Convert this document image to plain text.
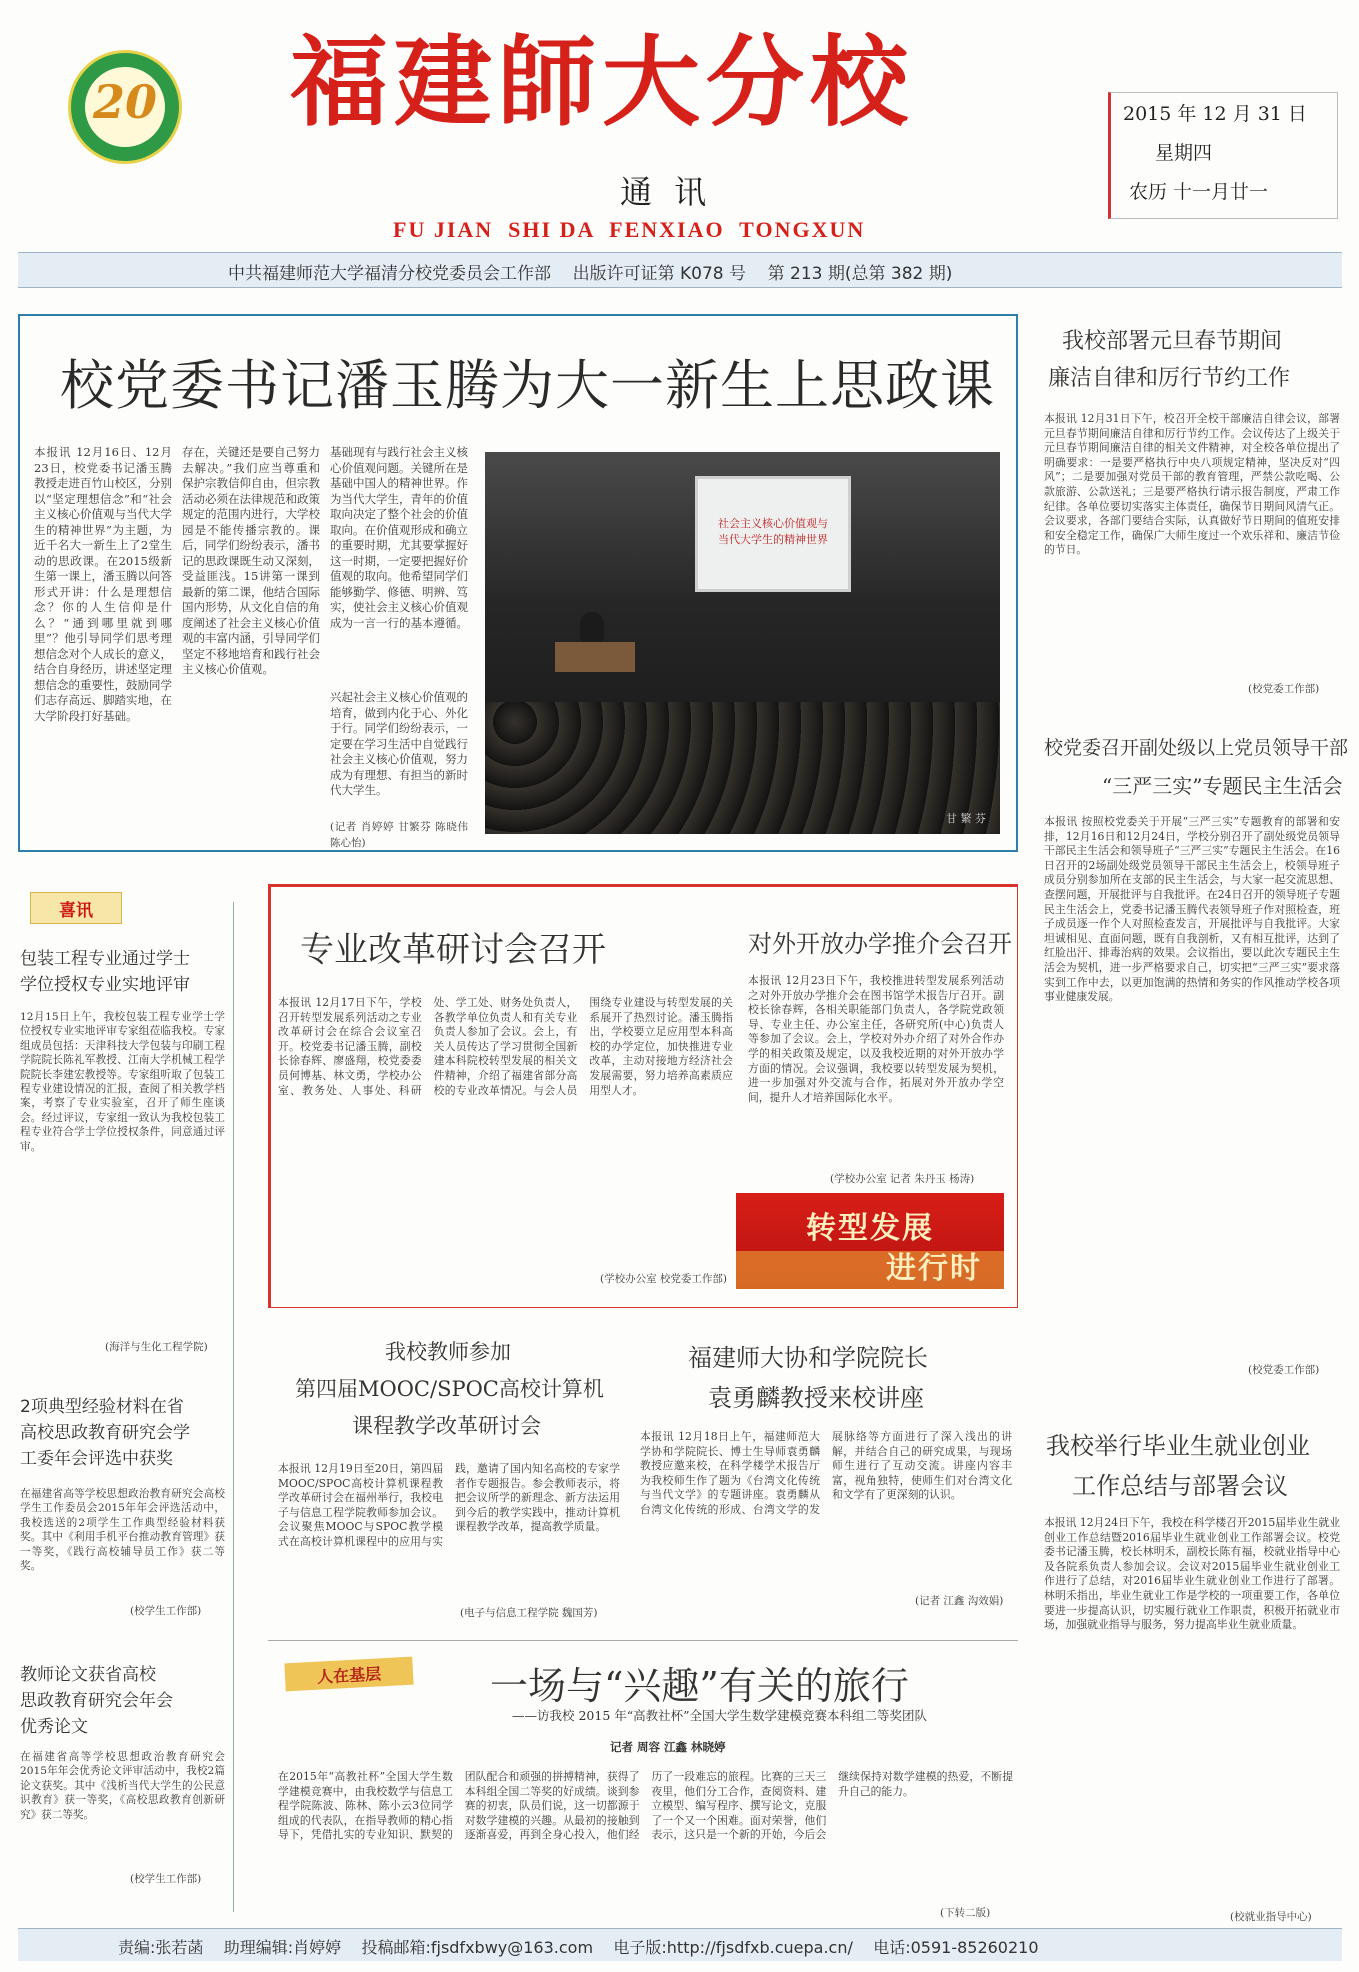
20 福建師大分校
通 讯
FU JIAN  SHI DA  FENXIAO  TONGXUN
2015 年 12 月 31 日
星期四
农历 十一月廿一
中共福建师范大学福清分校党委员会工作部    出版许可证第 K078 号    第 213 期(总第 382 期)
校党委书记潘玉腾为大一新生上思政课
本报讯 12月16日、12月23日，校党委书记潘玉腾教授走进百竹山校区，分别以“坚定理想信念”和“社会主义核心价值观与当代大学生的精神世界”为主题，为近千名大一新生上了2堂生动的思政课。在2015级新生第一课上，潘玉腾以问答形式开讲：什么是理想信念？你的人生信仰是什么？“通到哪里就到哪里”？他引导同学们思考理想信念对个人成长的意义，结合自身经历，讲述坚定理想信念的重要性，鼓励同学们志存高远、脚踏实地，在大学阶段打好基础。
存在，关键还是要自己努力去解决。”我们应当尊重和保护宗教信仰自由，但宗教活动必须在法律规范和政策规定的范围内进行，大学校园是不能传播宗教的。课后，同学们纷纷表示，潘书记的思政课既生动又深刻，受益匪浅。15讲第一课到最新的第二课，他结合国际国内形势，从文化自信的角度阐述了社会主义核心价值观的丰富内涵，引导同学们坚定不移地培育和践行社会主义核心价值观。
基础现有与践行社会主义核心价值观问题。关键所在是基础中国人的精神世界。作为当代大学生，青年的价值取向决定了整个社会的价值取向。在价值观形成和确立的重要时期，尤其要掌握好这一时期，一定要把握好价值观的取向。他希望同学们能够勤学、修德、明辨、笃实，使社会主义核心价值观成为一言一行的基本遵循。
兴起社会主义核心价值观的培育，做到内化于心、外化于行。同学们纷纷表示，一定要在学习生活中自觉践行社会主义核心价值观，努力成为有理想、有担当的新时代大学生。
(记者 肖婷婷 甘繁芬 陈晓伟 陈心怡)
社会主义核心价值观与
当代大学生的精神世界
甘 繁 芬
我校部署元旦春节期间
廉洁自律和厉行节约工作
本报讯 12月31日下午，校召开全校干部廉洁自律会议，部署元旦春节期间廉洁自律和厉行节约工作。会议传达了上级关于元旦春节期间廉洁自律的相关文件精神，对全校各单位提出了明确要求：一是要严格执行中央八项规定精神，坚决反对“四风”；二是要加强对党员干部的教育管理，严禁公款吃喝、公款旅游、公款送礼；三是要严格执行请示报告制度，严肃工作纪律。各单位要切实落实主体责任，确保节日期间风清气正。会议要求，各部门要结合实际，认真做好节日期间的值班安排和安全稳定工作，确保广大师生度过一个欢乐祥和、廉洁节俭的节日。
(校党委工作部)
校党委召开副处级以上党员领导干部
“三严三实”专题民主生活会
本报讯 按照校党委关于开展“三严三实”专题教育的部署和安排，12月16日和12月24日，学校分别召开了副处级党员领导干部民主生活会和领导班子“三严三实”专题民主生活会。在16日召开的2场副处级党员领导干部民主生活会上，校领导班子成员分别参加所在支部的民主生活会，与大家一起交流思想、查摆问题，开展批评与自我批评。在24日召开的领导班子专题民主生活会上，党委书记潘玉腾代表领导班子作对照检查，班子成员逐一作个人对照检查发言，开展批评与自我批评。大家坦诚相见、直面问题，既有自我剖析，又有相互批评，达到了红脸出汗、排毒治病的效果。会议指出，要以此次专题民主生活会为契机，进一步严格要求自己，切实把“三严三实”要求落实到工作中去，以更加饱满的热情和务实的作风推动学校各项事业健康发展。
(校党委工作部)
我校举行毕业生就业创业
工作总结与部署会议
本报讯 12月24日下午，我校在科学楼召开2015届毕业生就业创业工作总结暨2016届毕业生就业创业工作部署会议。校党委书记潘玉腾，校长林明禾，副校长陈有福，校就业指导中心及各院系负责人参加会议。会议对2015届毕业生就业创业工作进行了总结，对2016届毕业生就业创业工作进行了部署。林明禾指出，毕业生就业工作是学校的一项重要工作，各单位要进一步提高认识，切实履行就业工作职责，积极开拓就业市场，加强就业指导与服务，努力提高毕业生就业质量。
(校就业指导中心)
喜讯
包装工程专业通过学士
学位授权专业实地评审
12月15日上午，我校包装工程专业学士学位授权专业实地评审专家组莅临我校。专家组成员包括：天津科技大学包装与印刷工程学院院长陈礼军教授、江南大学机械工程学院院长李建宏教授等。专家组听取了包装工程专业建设情况的汇报，查阅了相关教学档案，考察了专业实验室，召开了师生座谈会。经过评议，专家组一致认为我校包装工程专业符合学士学位授权条件，同意通过评审。
(海洋与生化工程学院)
2项典型经验材料在省
高校思政教育研究会学
工委年会评选中获奖
在福建省高等学校思想政治教育研究会高校学生工作委员会2015年年会评选活动中，我校选送的2项学生工作典型经验材料获奖。其中《利用手机平台推动教育管理》获一等奖，《践行高校辅导员工作》获二等奖。
(校学生工作部)
教师论文获省高校
思政教育研究会年会
优秀论文
在福建省高等学校思想政治教育研究会2015年年会优秀论文评审活动中，我校2篇论文获奖。其中《浅析当代大学生的公民意识教育》获一等奖，《高校思政教育创新研究》获二等奖。
(校学生工作部)
专业改革研讨会召开
本报讯 12月17日下午，学校召开转型发展系列活动之专业改革研讨会在综合会议室召开。校党委书记潘玉腾，副校长徐春辉、廖盛翔，校党委委员何博基、林文勇，学校办公室、教务处、人事处、科研处、学工处、财务处负责人，各教学单位负责人和有关专业负责人参加了会议。会上，有关人员传达了学习贯彻全国新建本科院校转型发展的相关文件精神，介绍了福建省部分高校的专业改革情况。与会人员围绕专业建设与转型发展的关系展开了热烈讨论。潘玉腾指出，学校要立足应用型本科高校的办学定位，加快推进专业改革，主动对接地方经济社会发展需要，努力培养高素质应用型人才。
(学校办公室 校党委工作部)
对外开放办学推介会召开
本报讯 12月23日下午，我校推进转型发展系列活动之对外开放办学推介会在图书馆学术报告厅召开。副校长徐春辉，各相关职能部门负责人，各学院党政领导、专业主任、办公室主任，各研究所(中心)负责人等参加了会议。会上，学校对外办介绍了对外合作办学的相关政策及规定，以及我校近期的对外开放办学方面的情况。会议强调，我校要以转型发展为契机，进一步加强对外交流与合作，拓展对外开放办学空间，提升人才培养国际化水平。
(学校办公室 记者 朱丹玉 杨涛)
转型发展
进行时
我校教师参加
第四届MOOC/SPOC高校计算机
课程教学改革研讨会
本报讯 12月19日至20日，第四届MOOC/SPOC高校计算机课程教学改革研讨会在福州举行，我校电子与信息工程学院教师参加会议。会议聚焦MOOC与SPOC教学模式在高校计算机课程中的应用与实践，邀请了国内知名高校的专家学者作专题报告。参会教师表示，将把会议所学的新理念、新方法运用到今后的教学实践中，推动计算机课程教学改革，提高教学质量。
(电子与信息工程学院 魏国芳)
福建师大协和学院院长
袁勇麟教授来校讲座
本报讯 12月18日上午，福建师范大学协和学院院长、博士生导师袁勇麟教授应邀来校，在科学楼学术报告厅为我校师生作了题为《台湾文化传统与当代文学》的专题讲座。袁勇麟从台湾文化传统的形成、台湾文学的发展脉络等方面进行了深入浅出的讲解，并结合自己的研究成果，与现场师生进行了互动交流。讲座内容丰富，视角独特，使师生们对台湾文化和文学有了更深刻的认识。
(记者 江鑫 沟效娟)
人在基层	一场与“兴趣”有关的旅行
——访我校 2015 年“高教社杯”全国大学生数学建模竞赛本科组二等奖团队
记者 周容 江鑫 林晓婷
在2015年“高教社杯”全国大学生数学建模竞赛中，由我校数学与信息工程学院陈波、陈林、陈小云3位同学组成的代表队，在指导教师的精心指导下，凭借扎实的专业知识、默契的团队配合和顽强的拼搏精神，获得了本科组全国二等奖的好成绩。谈到参赛的初衷，队员们说，这一切都源于对数学建模的兴趣。从最初的接触到逐渐喜爱，再到全身心投入，他们经历了一段难忘的旅程。比赛的三天三夜里，他们分工合作，查阅资料、建立模型、编写程序、撰写论文，克服了一个又一个困难。面对荣誉，他们表示，这只是一个新的开始，今后会继续保持对数学建模的热爱，不断提升自己的能力。
(下转二版)
责编:张若菡    助理编辑:肖婷婷    投稿邮箱:fjsdfxbwy@163.com    电子版:http://fjsdfxb.cuepa.cn/    电话:0591-85260210
